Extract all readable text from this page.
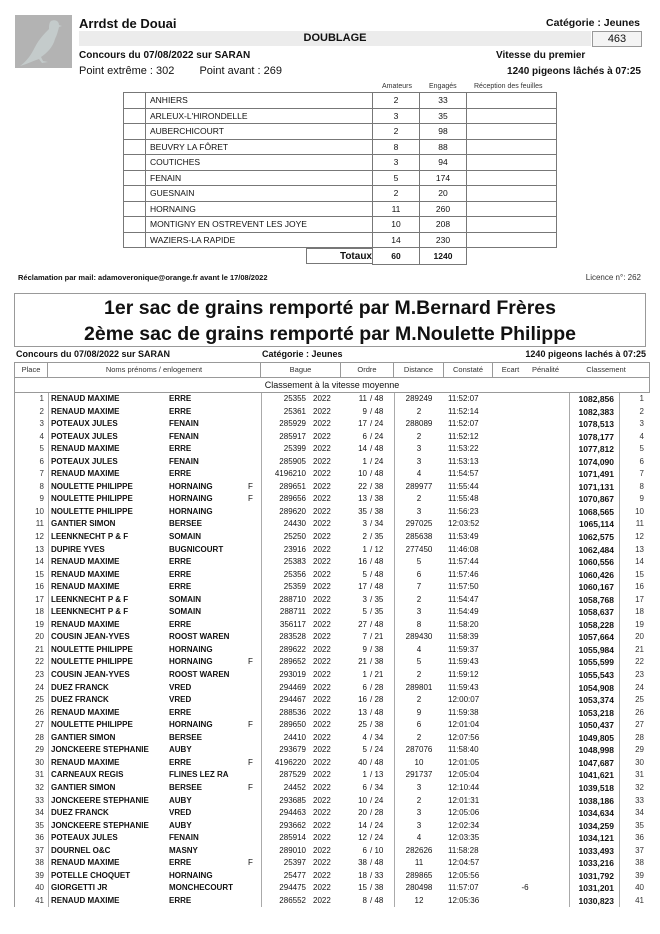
Arrdst de Douai	Catégorie : Jeunes
DOUBLAGE	463
Concours du 07/08/2022 sur SARAN	Vitesse du premier
Point extrême : 302 Point avant : 269	1240 pigeons lâchés à 07:25
Amateurs Engagés Réception des feuilles
	ANHIERS	2	33	
	ARLEUX-L'HIRONDELLE	3	35	
	AUBERCHICOURT	2	98	
	BEUVRY LA FÔRET	8	88	
	COUTICHES	3	94	
	FENAIN	5	174	
	GUESNAIN	2	20	
	HORNAING	11	260	
	MONTIGNY EN OSTREVENT LES JOYE	10	208	
	WAZIERS-LA RAPIDE	14	230	
	Totaux	60	1240	
Réclamation par mail: adamoveronique@orange.fr avant le 17/08/2022	Licence n°: 262
1er sac de grains remporté par M.Bernard Frères
2ème sac de grains remporté par M.Noulette Philippe
Concours du 07/08/2022 sur SARAN	Catégorie : Jeunes	1240 pigeons lachés à 07:25
Place	Noms prénoms / enlogement	Bague	Ordre	Distance	Constaté	Ecart	Pénalité	Classement
Classement à la vitesse moyenne
1 RENAUD MAXIME	ERRE	25355 2022	11 / 48	289249	11:52:07	1082,856	1
2 RENAUD MAXIME	ERRE	25361 2022	9 / 48	2	11:52:14	1082,383	2
3 POTEAUX JULES	FENAIN	285929 2022	17 / 24	288089	11:52:07	1078,513	3
4 POTEAUX JULES	FENAIN	285917 2022	6 / 24	2	11:52:12	1078,177	4
5 RENAUD MAXIME	ERRE	25399 2022	14 / 48	3	11:53:22	1077,812	5
6 POTEAUX JULES	FENAIN	285905 2022	1 / 24	3	11:53:13	1074,090	6
7 RENAUD MAXIME	ERRE	4196210 2022	10 / 48	4	11:54:57	1071,491	7
8 NOULETTE PHILIPPE	HORNAING	F	289651 2022	22 / 38	289977	11:55:44	1071,131	8
9 NOULETTE PHILIPPE	HORNAING	F	289656 2022	13 / 38	2	11:55:48	1070,867	9
10 NOULETTE PHILIPPE	HORNAING	289620 2022	35 / 38	3	11:56:23	1068,565	10
11 GANTIER SIMON	BERSEE	24430 2022	3 / 34	297025	12:03:52	1065,114	11
12 LEENKNECHT P & F	SOMAIN	25250 2022	2 / 35	285638	11:53:49	1062,575	12
13 DUPIRE YVES	BUGNICOURT	23916 2022	1 / 12	277450	11:46:08	1062,484	13
14 RENAUD MAXIME	ERRE	25383 2022	16 / 48	5	11:57:44	1060,556	14
15 RENAUD MAXIME	ERRE	25356 2022	5 / 48	6	11:57:46	1060,426	15
16 RENAUD MAXIME	ERRE	25359 2022	17 / 48	7	11:57:50	1060,167	16
17 LEENKNECHT P & F	SOMAIN	288710 2022	3 / 35	2	11:54:47	1058,768	17
18 LEENKNECHT P & F	SOMAIN	288711 2022	5 / 35	3	11:54:49	1058,637	18
19 RENAUD MAXIME	ERRE	356117 2022	27 / 48	8	11:58:20	1058,228	19
20 COUSIN JEAN-YVES	ROOST WAREN	283528 2022	7 / 21	289430	11:58:39	1057,664	20
21 NOULETTE PHILIPPE	HORNAING	289622 2022	9 / 38	4	11:59:37	1055,984	21
22 NOULETTE PHILIPPE	HORNAING	F	289652 2022	21 / 38	5	11:59:43	1055,599	22
23 COUSIN JEAN-YVES	ROOST WAREN	293019 2022	1 / 21	2	11:59:12	1055,543	23
24 DUEZ FRANCK	VRED	294469 2022	6 / 28	289801	11:59:43	1054,908	24
25 DUEZ FRANCK	VRED	294467 2022	16 / 28	2	12:00:07	1053,374	25
26 RENAUD MAXIME	ERRE	288536 2022	13 / 48	9	11:59:38	1053,218	26
27 NOULETTE PHILIPPE	HORNAING	F	289650 2022	25 / 38	6	12:01:04	1050,437	27
28 GANTIER SIMON	BERSEE	24410 2022	4 / 34	2	12:07:56	1049,805	28
29 JONCKEERE STEPHANIE	AUBY	293679 2022	5 / 24	287076	11:58:40	1048,998	29
30 RENAUD MAXIME	ERRE	F	4196220 2022	40 / 48	10	12:01:05	1047,687	30
31 CARNEAUX REGIS	FLINES LEZ RA	287529 2022	1 / 13	291737	12:05:04	1041,621	31
32 GANTIER SIMON	BERSEE	F	24452 2022	6 / 34	3	12:10:44	1039,518	32
33 JONCKEERE STEPHANIE	AUBY	293685 2022	10 / 24	2	12:01:31	1038,186	33
34 DUEZ FRANCK	VRED	294463 2022	20 / 28	3	12:05:06	1034,634	34
35 JONCKEERE STEPHANIE	AUBY	293662 2022	14 / 24	3	12:02:34	1034,259	35
36 POTEAUX JULES	FENAIN	285914 2022	12 / 24	4	12:03:35	1034,121	36
37 DOURNEL O&C	MASNY	289010 2022	6 / 10	282626	11:58:28	1033,493	37
38 RENAUD MAXIME	ERRE	F	25397 2022	38 / 48	11	12:04:57	1033,216	38
39 POTELLE CHOQUET	HORNAING	25477 2022	18 / 33	289865	12:05:56	1031,792	39
40 GIORGETTI JR	MONCHECOURT	294475 2022	15 / 38	280498	11:57:07	-6	1031,201	40
41 RENAUD MAXIME	ERRE	286552 2022	8 / 48	12	12:05:36	1030,823	41
